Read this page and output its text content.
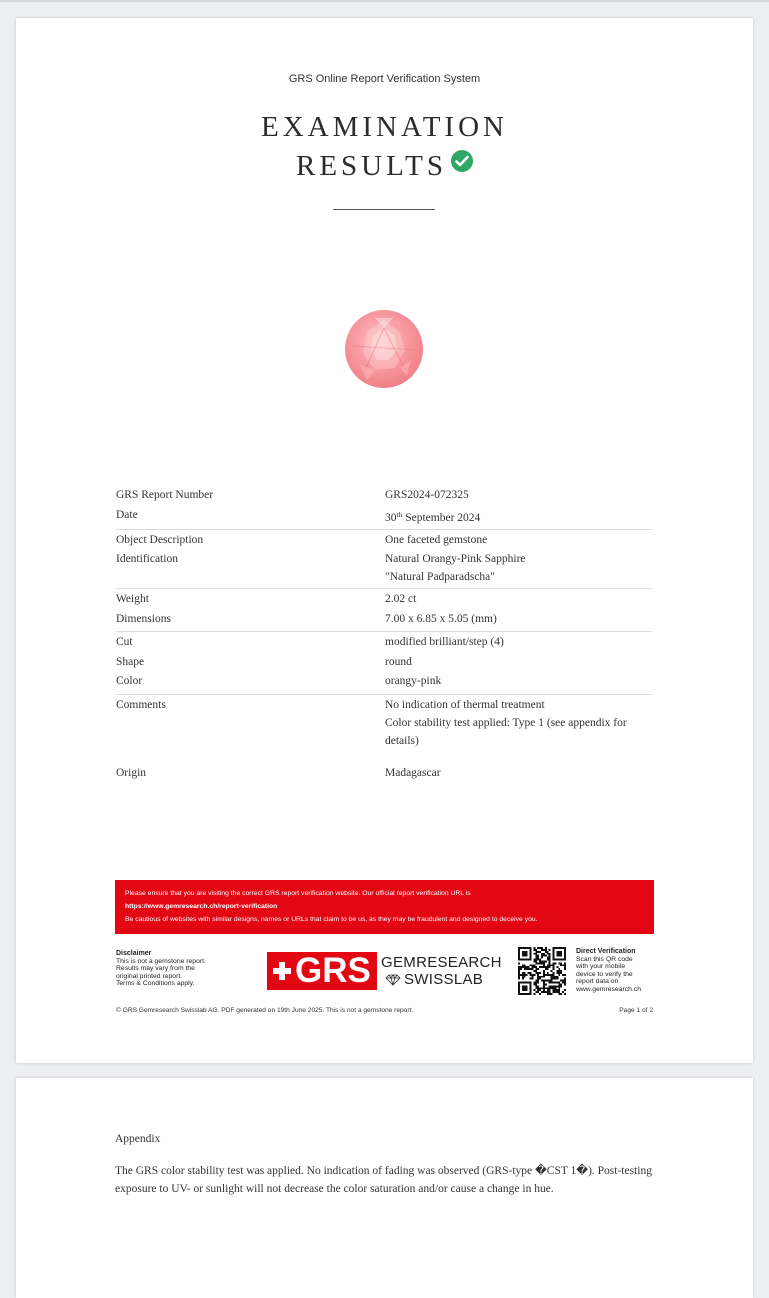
GRS Online Report Verification System
EXAMINATION
RESULTS
GRS Report Number	GRS2024-072325
Date	30th September 2024
Object Description	One faceted gemstone
Identification	Natural Orangy-Pink Sapphire
"Natural Padparadscha"
Weight	2.02 ct
Dimensions	7.00 x 6.85 x 5.05 (mm)
Cut	modified brilliant/step (4)
Shape	round
Color	orangy-pink
Comments	No indication of thermal treatment
Color stability test applied: Type 1 (see appendix for details)
Origin	Madagascar
Please ensure that you are visiting the correct GRS report verification website. Our official report verification URL is
https://www.gemresearch.ch/report-verification
Be cautious of websites with similar designs, names or URLs that claim to be us, as they may be fraudulent and designed to deceive you.
Disclaimer
This is not a gemstone report.
Results may vary from the
original printed report.
Terms & Conditions apply.	GRS GEMRESEARCH
SWISSLAB
Direct Verification
Scan this QR code
with your mobile
device to verify the
report data on
www.gemresearch.ch
© GRS Gemresearch Swisslab AG. PDF generated on 19th June 2025. This is not a gemstone report.	Page 1 of 2
Appendix
The GRS color stability test was applied. No indication of fading was observed (GRS-type �CST 1�). Post-testing exposure to UV- or sunlight will not decrease the color saturation and/or cause a change in hue.
